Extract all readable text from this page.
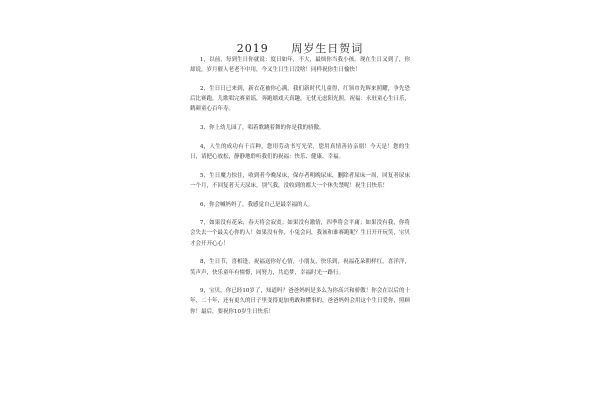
2019 周岁生日贺词

1，以前，每到生日你就说：度日如年，不大，最烦你当我小孩。现在生日又到了，你却说，岁月催人老老不中用，今又生日生日没啥！同样祝你生日愉快！

2，生日日已来到，新衣花被你心满，我们新时代儿童得，红领巾先辉来照耀，争先恐后比赛跑，儿歌唱完赛童谣，奔跑嬉戏天真趣，无忧无虑阳光照，祝福：永驻童心生日乐，鹤颜童心百年寿。

3，你上幼儿园了，唱着歌跳着舞的你是我的骄傲。

4，人生的成功有千百种，您用劳动书写光荣，您用真情善待亲朋！今天是！您的生日，请把心放松，静静地聆听我们的祝福：快乐、健康、幸福。

5，生日魔力惊住，收到者今晚尿床，保存者明晚尿床，删除者尿床一周，回复者尿床一个月，不回复者天天尿床，别气我，没收到的都大一个休失禁呢！祝生日快乐！

6，你会喊妈妈了，我感觉自己是最幸福的人。

7，如果没有花朵，春天将会寂寞；如果没有激情，四季将会平庸；如果没有我，你将会失去一个最关心你的人！如果没有你，小兔会问，我该和谁赛跑呢？生日开开玩笑，宝贝才会开开心心！

8，生日节，喜相逢，祝福送你好心情，小朋友，快乐到，祝福花朵朝样红，喜洋洋，笑声声，快乐童年有憧憬，同努力，共追梦，幸福时光一路行。

9，宝贝，你已经10岁了，知道吗？爸爸妈妈是多么为你高兴和骄傲！你会在以后的十年、二十年，还有更久的日子里变得更加勇敢和懂事的，爸爸妈妈会用这个生日爱你，照顾你！最后，要祝你10岁生日快乐！
